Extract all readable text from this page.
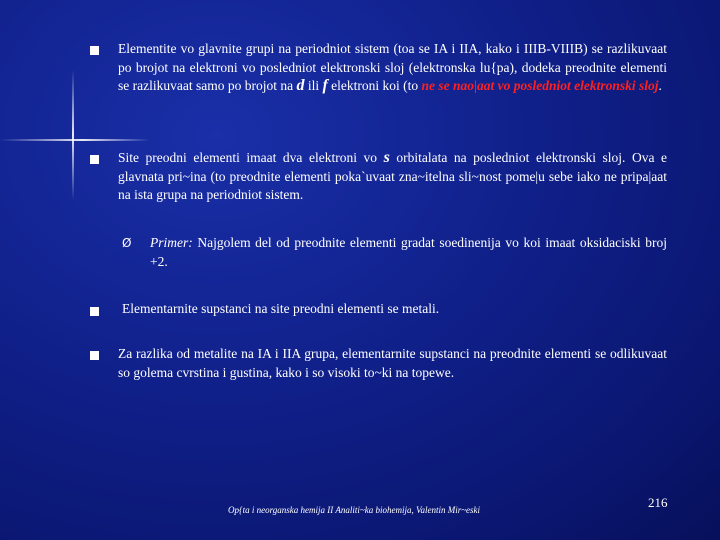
Elementite vo glavnite grupi na periodniot sistem (toa se IA i IIA, kako i IIIB-VIIIB) se razlikuvaat po brojot na elektroni vo posledniot elektronski sloj (elektronska lu{pa), dodeka preodnite elementi se razlikuvaat samo po brojot na d ili f elektroni koi (to ne se nao|aat vo posledniot elektronski sloj.
Site preodni elementi imaat dva elektroni vo s orbitalata na posledniot elektronski sloj. Ova e glavnata pri~ina (to preodnite elementi poka`uvaat zna~itelna sli~nost pome|u sebe iako ne pripa|aat na ista grupa na periodniot sistem.
Ø Primer: Najgolem del od preodnite elementi gradat soedinenija vo koi imaat oksidaciski broj +2.
Elementarnite supstanci na site preodni elementi se metali.
Za razlika od metalite na IA i IIA grupa, elementarnite supstanci na preodnite elementi se odlikuvaat so golema cvrstina i gustina, kako i so visoki to~ki na topewe.
Op{ta i neorganska hemija II Analiti~ka biohemija, Valentin Mir~eski	216
